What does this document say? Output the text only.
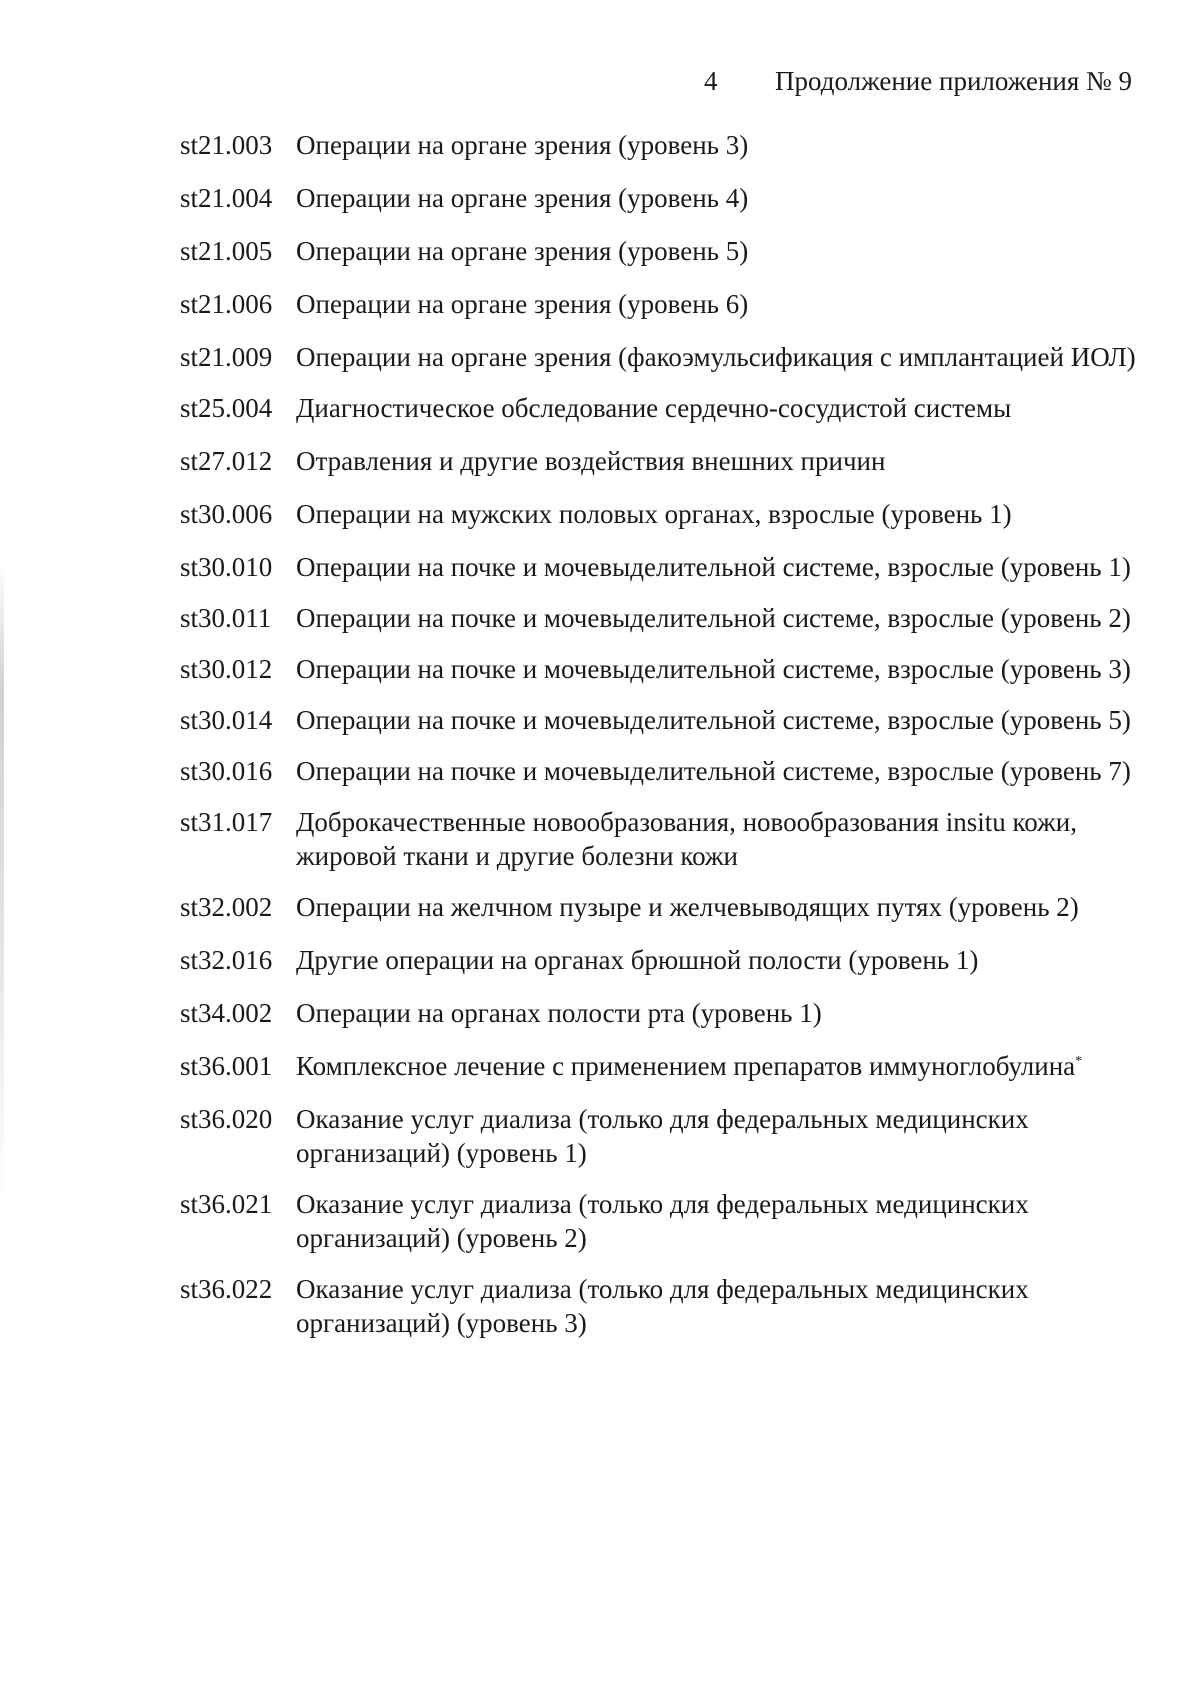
4 Продолжение приложения № 9
st21.003 Операции на органе зрения (уровень 3)
st21.004 Операции на органе зрения (уровень 4)
st21.005 Операции на органе зрения (уровень 5)
st21.006 Операции на органе зрения (уровень 6)
st21.009 Операции на органе зрения (факоэмульсификация с имплантацией ИОЛ)
st25.004 Диагностическое обследование сердечно-сосудистой системы
st27.012 Отравления и другие воздействия внешних причин
st30.006 Операции на мужских половых органах, взрослые (уровень 1)
st30.010 Операции на почке и мочевыделительной системе, взрослые (уровень 1)
st30.011 Операции на почке и мочевыделительной системе, взрослые (уровень 2)
st30.012 Операции на почке и мочевыделительной системе, взрослые (уровень 3)
st30.014 Операции на почке и мочевыделительной системе, взрослые (уровень 5)
st30.016 Операции на почке и мочевыделительной системе, взрослые (уровень 7)
st31.017 Доброкачественные новообразования, новообразования insitu кожи, жировой ткани и другие болезни кожи
st32.002 Операции на желчном пузыре и желчевыводящих путях (уровень 2)
st32.016 Другие операции на органах брюшной полости (уровень 1)
st34.002 Операции на органах полости рта (уровень 1)
st36.001 Комплексное лечение с применением препаратов иммуноглобулина*
st36.020 Оказание услуг диализа (только для федеральных медицинских организаций) (уровень 1)
st36.021 Оказание услуг диализа (только для федеральных медицинских организаций) (уровень 2)
st36.022 Оказание услуг диализа (только для федеральных медицинских организаций) (уровень 3)
